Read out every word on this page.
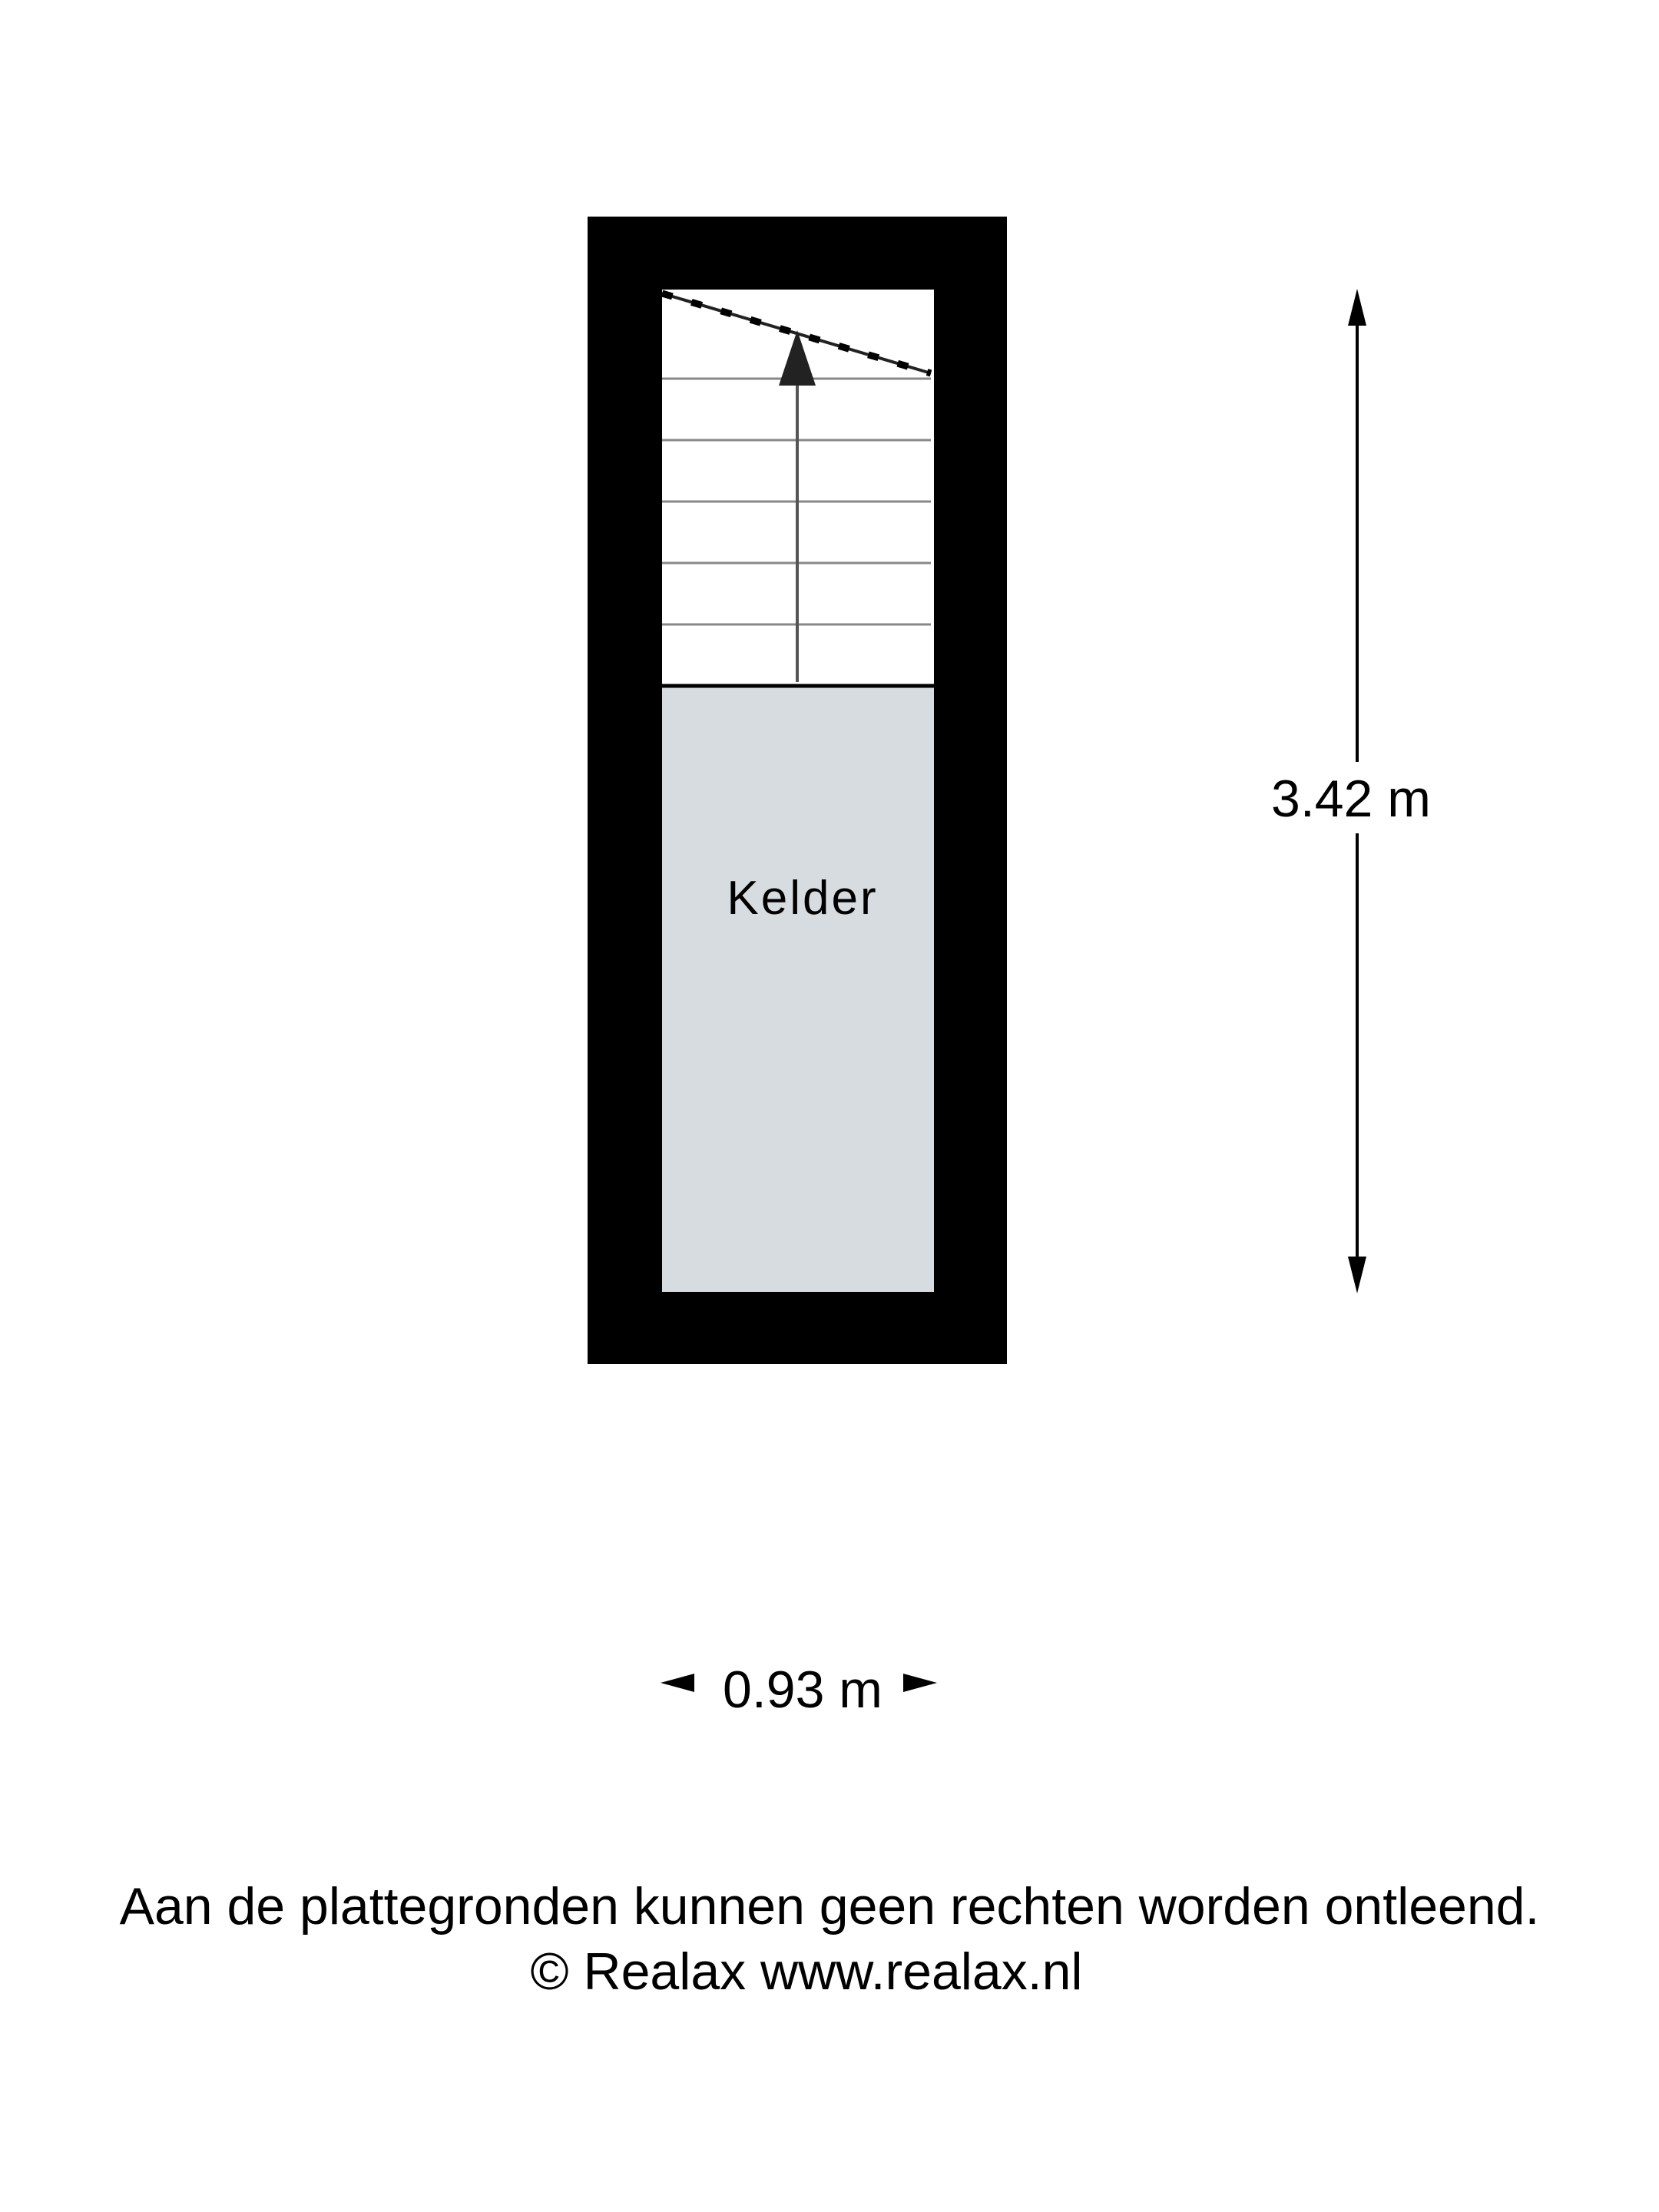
Kelder
3.42 m
0.93 m
Aan de plattegronden kunnen geen rechten worden ontleend.
© Realax www.realax.nl
